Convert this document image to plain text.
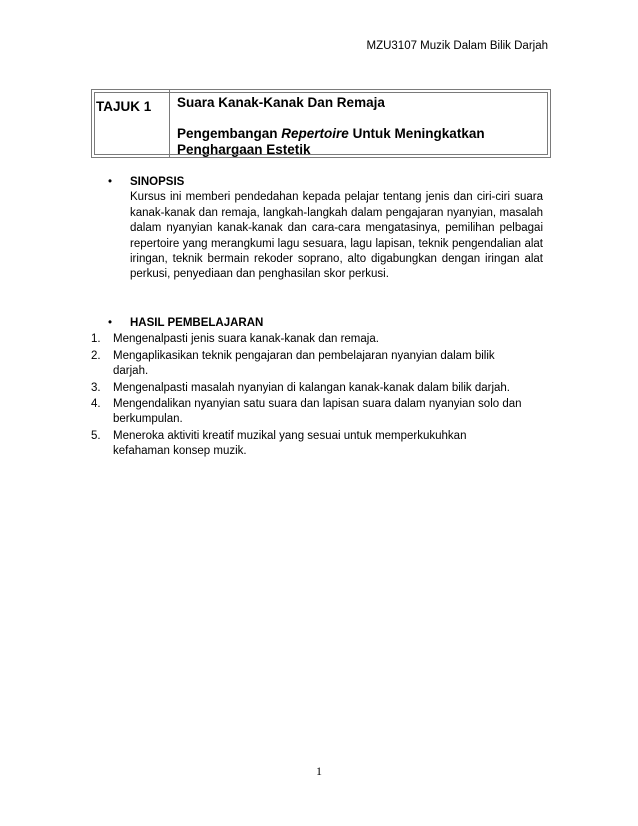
MZU3107 Muzik Dalam Bilik Darjah
TAJUK 1	Suara Kanak-Kanak Dan Remaja
Pengembangan Repertoire Untuk Meningkatkan Penghargaan Estetik
•	SINOPSIS

Kursus ini memberi pendedahan kepada pelajar tentang jenis dan ciri-ciri suara kanak-kanak dan remaja, langkah-langkah dalam pengajaran nyanyian, masalah dalam nyanyian kanak-kanak dan cara-cara mengatasinya, pemilihan pelbagai repertoire yang merangkumi lagu sesuara, lagu lapisan, teknik pengendalian alat iringan, teknik bermain rekoder soprano, alto digabungkan dengan iringan alat perkusi, penyediaan dan penghasilan skor perkusi.

•	HASIL PEMBELAJARAN
1.	Mengenalpasti jenis suara kanak-kanak dan remaja.
2.	Mengaplikasikan teknik pengajaran dan pembelajaran nyanyian dalam bilik darjah.
3.	Mengenalpasti masalah nyanyian di kalangan kanak-kanak dalam bilik darjah.
4.	Mengendalikan nyanyian satu suara dan lapisan suara dalam nyanyian solo dan berkumpulan.
5.	Meneroka aktiviti kreatif muzikal yang sesuai untuk memperkukuhkan kefahaman konsep muzik.
1
